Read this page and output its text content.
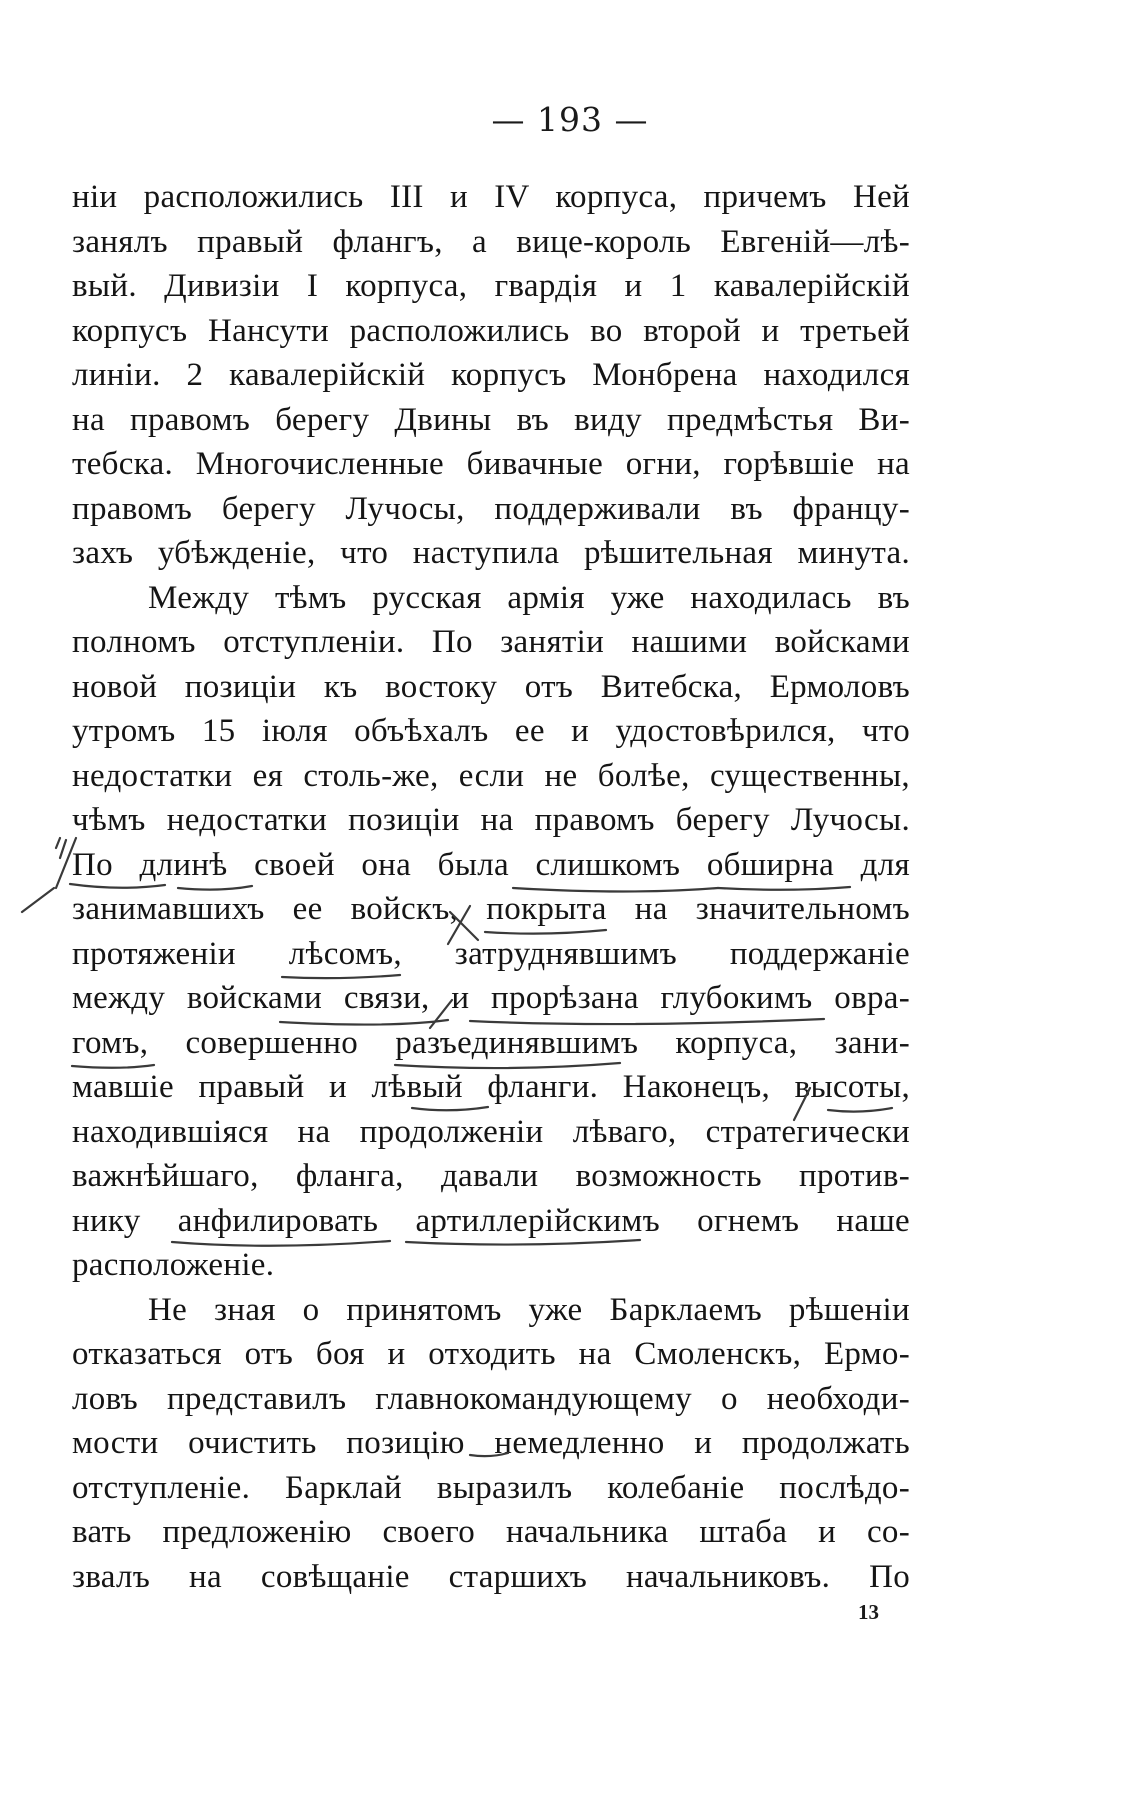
— 193 —
ніи расположились III и IV корпуса, причемъ Ней
занялъ правый флангъ, а вице-король Евгеній—лѣ-
вый. Дивизіи I корпуса, гвардія и 1 кавалерійскій
корпусъ Нансути расположились во второй и третьей
линіи. 2 кавалерійскій корпусъ Монбрена находился
на правомъ берегу Двины въ виду предмѣстья Ви-
тебска. Многочисленные бивачные огни, горѣвшіе на
правомъ берегу Лучосы, поддерживали въ францу-
захъ убѣжденіе, что наступила рѣшительная минута.
Между тѣмъ русская армія уже находилась въ
полномъ отступленіи. По занятіи нашими войсками
новой позиціи къ востоку отъ Витебска, Ермоловъ
утромъ 15 іюля объѣхалъ ее и удостовѣрился, что
недостатки ея столь-же, если не болѣе, существенны,
чѣмъ недостатки позиціи на правомъ берегу Лучосы.
По длинѣ своей она была слишкомъ обширна для
занимавшихъ ее войскъ, покрыта на значительномъ
протяженіи лѣсомъ, затруднявшимъ поддержаніе
между войсками связи, и прорѣзана глубокимъ овра-
гомъ, совершенно разъединявшимъ корпуса, зани-
мавшіе правый и лѣвый фланги. Наконецъ, высоты,
находившіяся на продолженіи лѣваго, стратегически
важнѣйшаго, фланга, давали возможность против-
нику анфилировать артиллерійскимъ огнемъ наше
расположеніе.
Не зная о принятомъ уже Барклаемъ рѣшеніи
отказаться отъ боя и отходить на Смоленскъ, Ермо-
ловъ представилъ главнокомандующему о необходи-
мости очистить позицію немедленно и продолжать
отступленіе. Барклай выразилъ колебаніе послѣдо-
вать предложенію своего начальника штаба и со-
звалъ на совѣщаніе старшихъ начальниковъ. По
13
